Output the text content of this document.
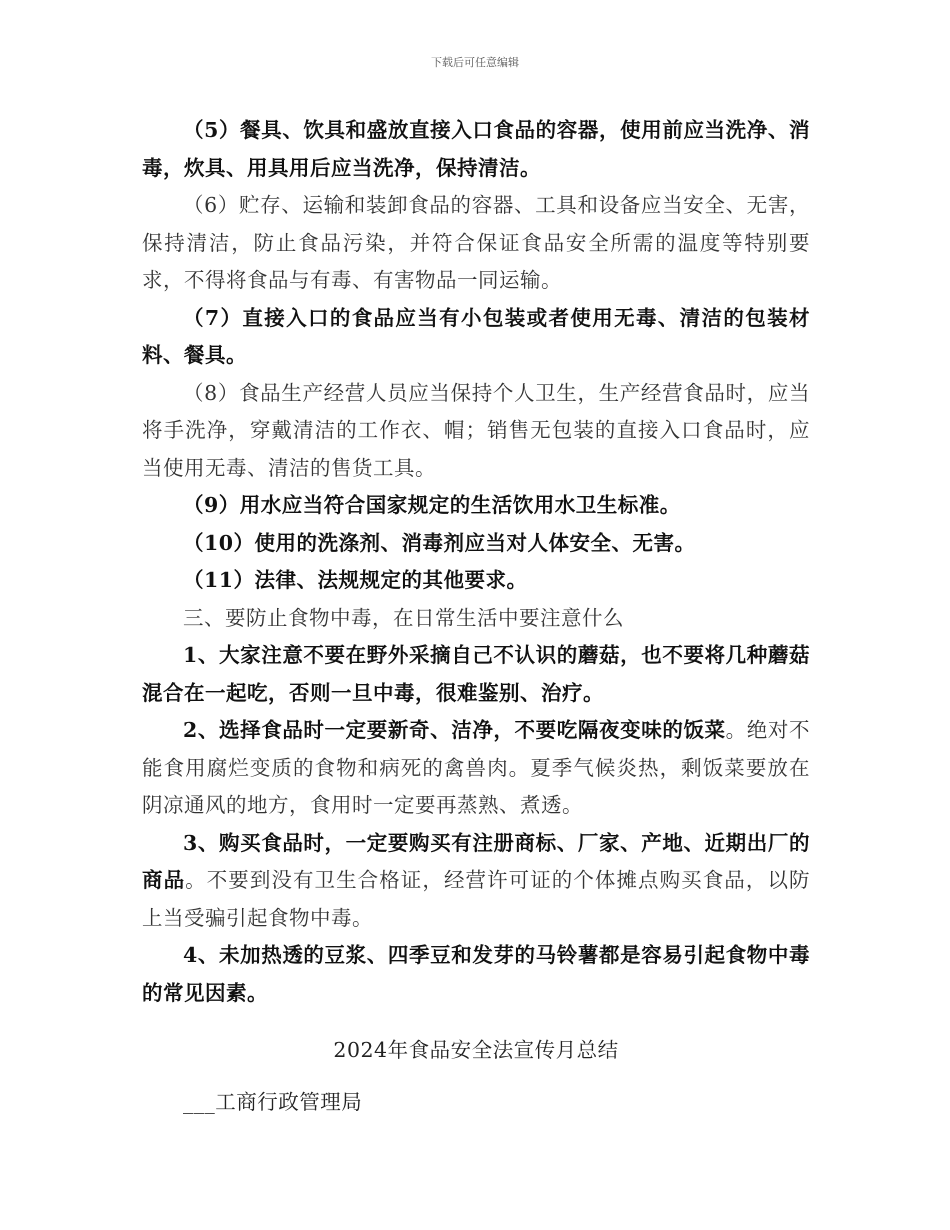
下载后可任意编辑

（5）餐具、饮具和盛放直接入口食品的容器，使用前应当洗净、消毒，炊具、用具用后应当洗净，保持清洁。

（6）贮存、运输和装卸食品的容器、工具和设备应当安全、无害，保持清洁，防止食品污染，并符合保证食品安全所需的温度等特别要求，不得将食品与有毒、有害物品一同运输。

（7）直接入口的食品应当有小包装或者使用无毒、清洁的包装材料、餐具。

（8）食品生产经营人员应当保持个人卫生，生产经营食品时，应当将手洗净，穿戴清洁的工作衣、帽；销售无包装的直接入口食品时，应当使用无毒、清洁的售货工具。

（9）用水应当符合国家规定的生活饮用水卫生标准。

（10）使用的洗涤剂、消毒剂应当对人体安全、无害。

（11）法律、法规规定的其他要求。

三、要防止食物中毒，在日常生活中要注意什么

1、大家注意不要在野外采摘自己不认识的蘑菇，也不要将几种蘑菇混合在一起吃，否则一旦中毒，很难鉴别、治疗。

2、选择食品时一定要新奇、洁净，不要吃隔夜变味的饭菜。绝对不能食用腐烂变质的食物和病死的禽兽肉。夏季气候炎热，剩饭菜要放在阴凉通风的地方，食用时一定要再蒸熟、煮透。

3、购买食品时，一定要购买有注册商标、厂家、产地、近期出厂的商品。不要到没有卫生合格证，经营许可证的个体摊点购买食品，以防上当受骗引起食物中毒。

4、未加热透的豆浆、四季豆和发芽的马铃薯都是容易引起食物中毒的常见因素。

2024年食品安全法宣传月总结

___工商行政管理局
